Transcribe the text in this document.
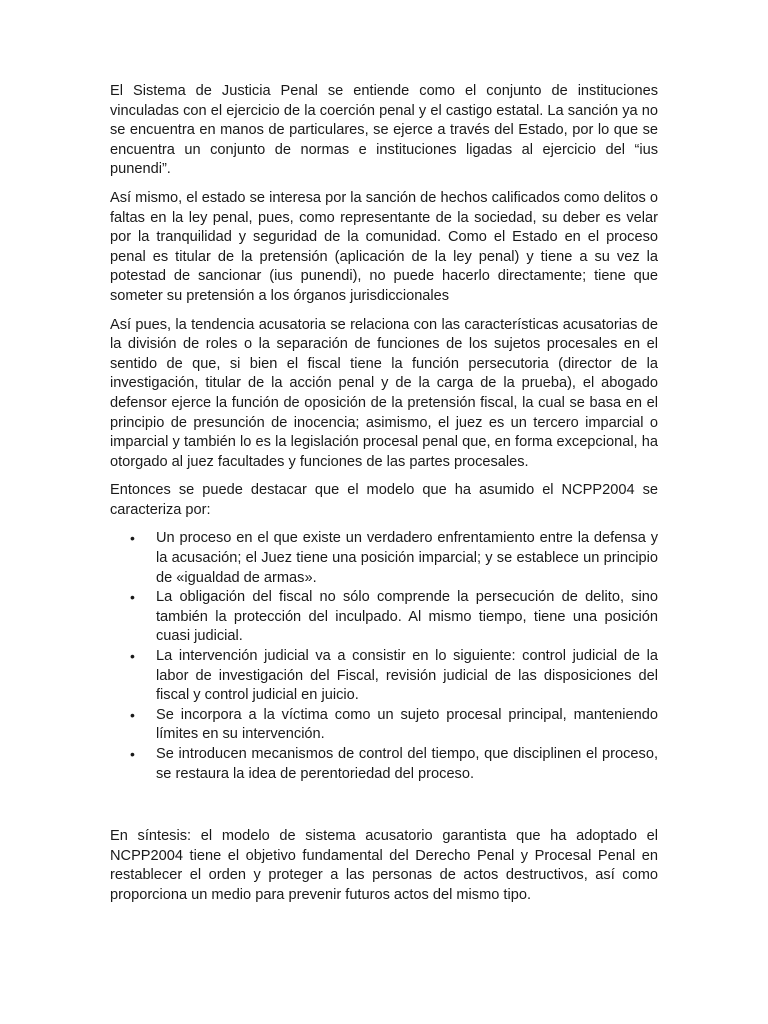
El Sistema de Justicia Penal se entiende como el conjunto de instituciones vinculadas con el ejercicio de la coerción penal y el castigo estatal. La sanción ya no se encuentra en manos de particulares, se ejerce a través del Estado, por lo que se encuentra un conjunto de normas e instituciones ligadas al ejercicio del “ius punendi”.

Así mismo, el estado se interesa por la sanción de hechos calificados como delitos o faltas en la ley penal, pues, como representante de la sociedad, su deber es velar por la tranquilidad y seguridad de la comunidad. Como el Estado en el proceso penal es titular de la pretensión (aplicación de la ley penal) y tiene a su vez la potestad de sancionar (ius punendi), no puede hacerlo directamente; tiene que someter su pretensión a los órganos jurisdiccionales

Así pues, la tendencia acusatoria se relaciona con las características acusatorias de la división de roles o la separación de funciones de los sujetos procesales en el sentido de que, si bien el fiscal tiene la función persecutoria (director de la investigación, titular de la acción penal y de la carga de la prueba), el abogado defensor ejerce la función de oposición de la pretensión fiscal, la cual se basa en el principio de presunción de inocencia; asimismo, el juez es un tercero imparcial o imparcial y también lo es la legislación procesal penal que, en forma excepcional, ha otorgado al juez facultades y funciones de las partes procesales.

Entonces se puede destacar que el modelo que ha asumido el NCPP2004 se caracteriza por:

• Un proceso en el que existe un verdadero enfrentamiento entre la defensa y la acusación; el Juez tiene una posición imparcial; y se establece un principio de «igualdad de armas».
• La obligación del fiscal no sólo comprende la persecución de delito, sino también la protección del inculpado. Al mismo tiempo, tiene una posición cuasi judicial.
• La intervención judicial va a consistir en lo siguiente: control judicial de la labor de investigación del Fiscal, revisión judicial de las disposiciones del fiscal y control judicial en juicio.
• Se incorpora a la víctima como un sujeto procesal principal, manteniendo límites en su intervención.
• Se introducen mecanismos de control del tiempo, que disciplinen el proceso, se restaura la idea de perentoriedad del proceso.

En síntesis: el modelo de sistema acusatorio garantista que ha adoptado el NCPP2004 tiene el objetivo fundamental del Derecho Penal y Procesal Penal en restablecer el orden y proteger a las personas de actos destructivos, así como proporciona un medio para prevenir futuros actos del mismo tipo.
